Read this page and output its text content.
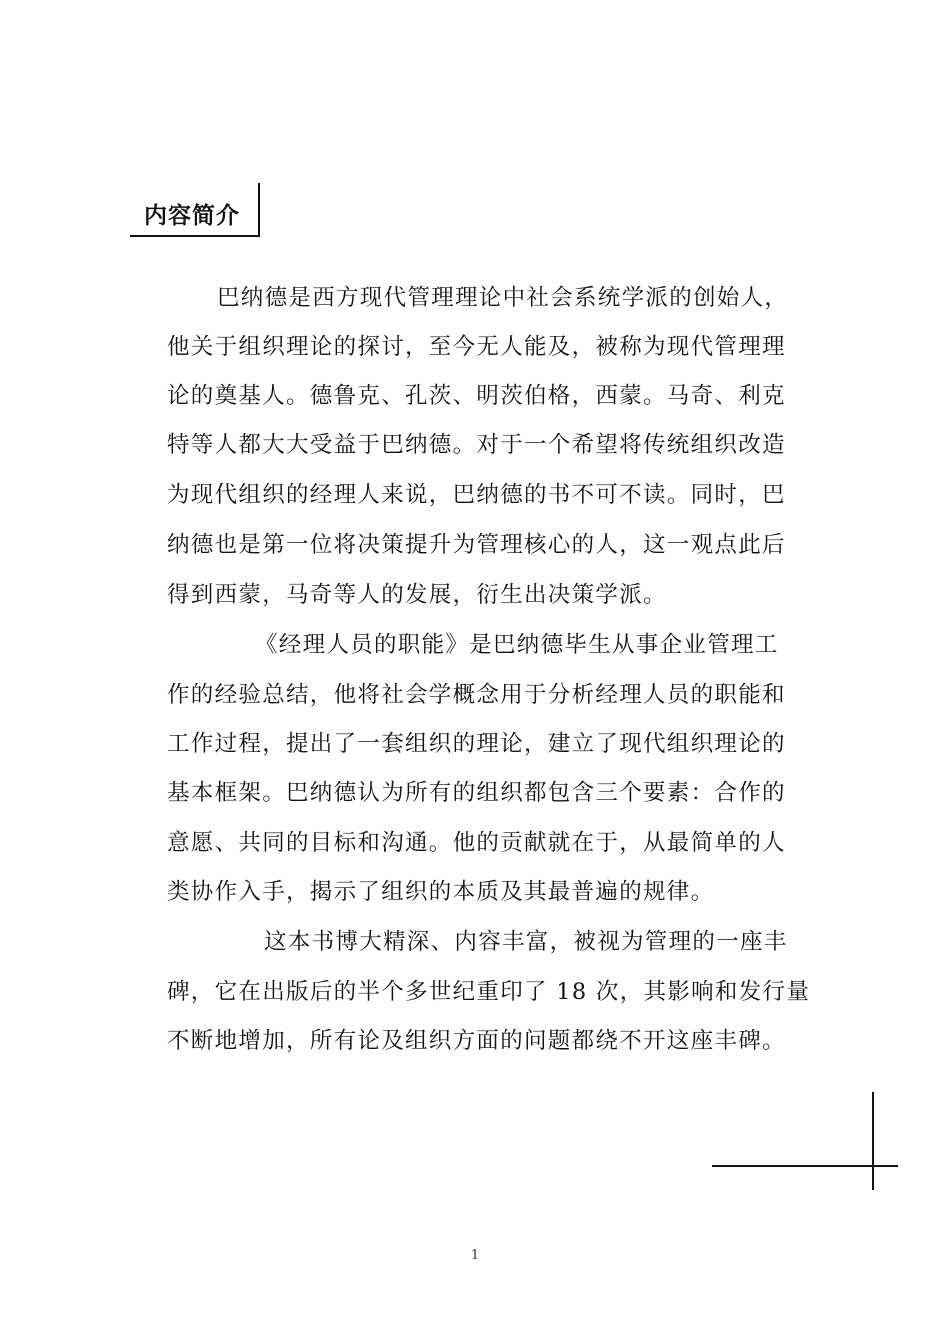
内容简介
巴纳德是西方现代管理理论中社会系统学派的创始人，
他关于组织理论的探讨，至今无人能及，被称为现代管理理
论的奠基人。德鲁克、孔茨、明茨伯格，西蒙。马奇、利克
特等人都大大受益于巴纳德。对于一个希望将传统组织改造
为现代组织的经理人来说，巴纳德的书不可不读。同时，巴
纳德也是第一位将决策提升为管理核心的人，这一观点此后
得到西蒙，马奇等人的发展，衍生出决策学派。
《经理人员的职能》是巴纳德毕生从事企业管理工
作的经验总结，他将社会学概念用于分析经理人员的职能和
工作过程，提出了一套组织的理论，建立了现代组织理论的
基本框架。巴纳德认为所有的组织都包含三个要素：合作的
意愿、共同的目标和沟通。他的贡献就在于，从最简单的人
类协作入手，揭示了组织的本质及其最普遍的规律。
这本书博大精深、内容丰富，被视为管理的一座丰
碑，它在出版后的半个多世纪重印了 18 次，其影响和发行量
不断地增加，所有论及组织方面的问题都绕不开这座丰碑。
1
